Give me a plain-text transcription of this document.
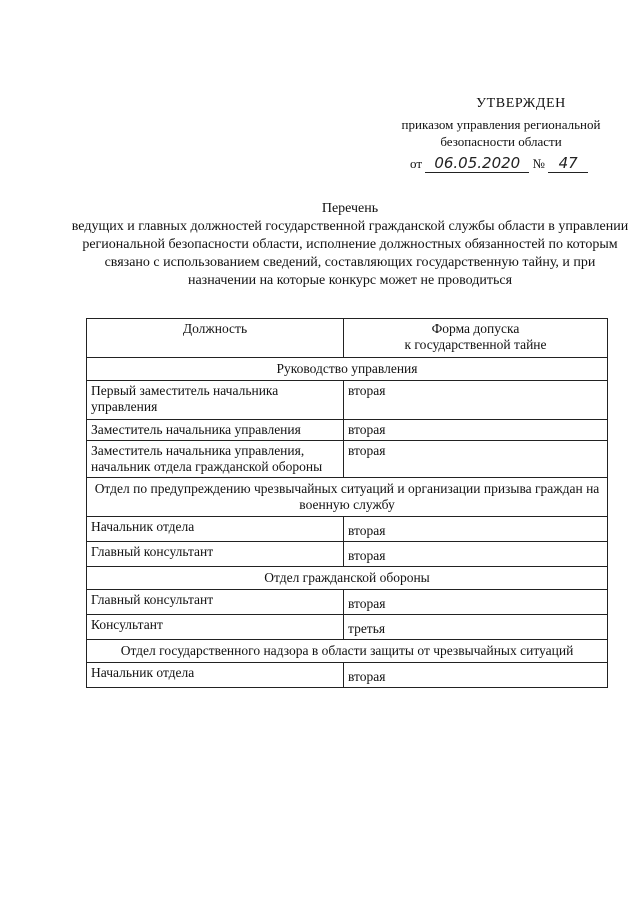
УТВЕРЖДЕН
приказом управления региональной
безопасности области
от 06.05.2020 № 47
Перечень
ведущих и главных должностей государственной гражданской службы области в управлении региональной безопасности области, исполнение должностных обязанностей по которым связано с использованием сведений, составляющих государственную тайну, и при назначении на которые конкурс может не проводиться
Должность	Форма допуска
к государственной тайне

Руководство управления	
Первый заместитель начальника управления	вторая
Заместитель начальника управления	вторая
Заместитель начальника управления, начальник отдела гражданской обороны	вторая
Отдел по предупреждению чрезвычайных ситуаций и организации призыва граждан на военную службу	
Начальник отдела	вторая
Главный консультант	вторая
Отдел гражданской обороны	
Главный консультант	вторая
Консультант	третья
Отдел государственного надзора в области защиты от чрезвычайных ситуаций	
Начальник отдела	вторая
